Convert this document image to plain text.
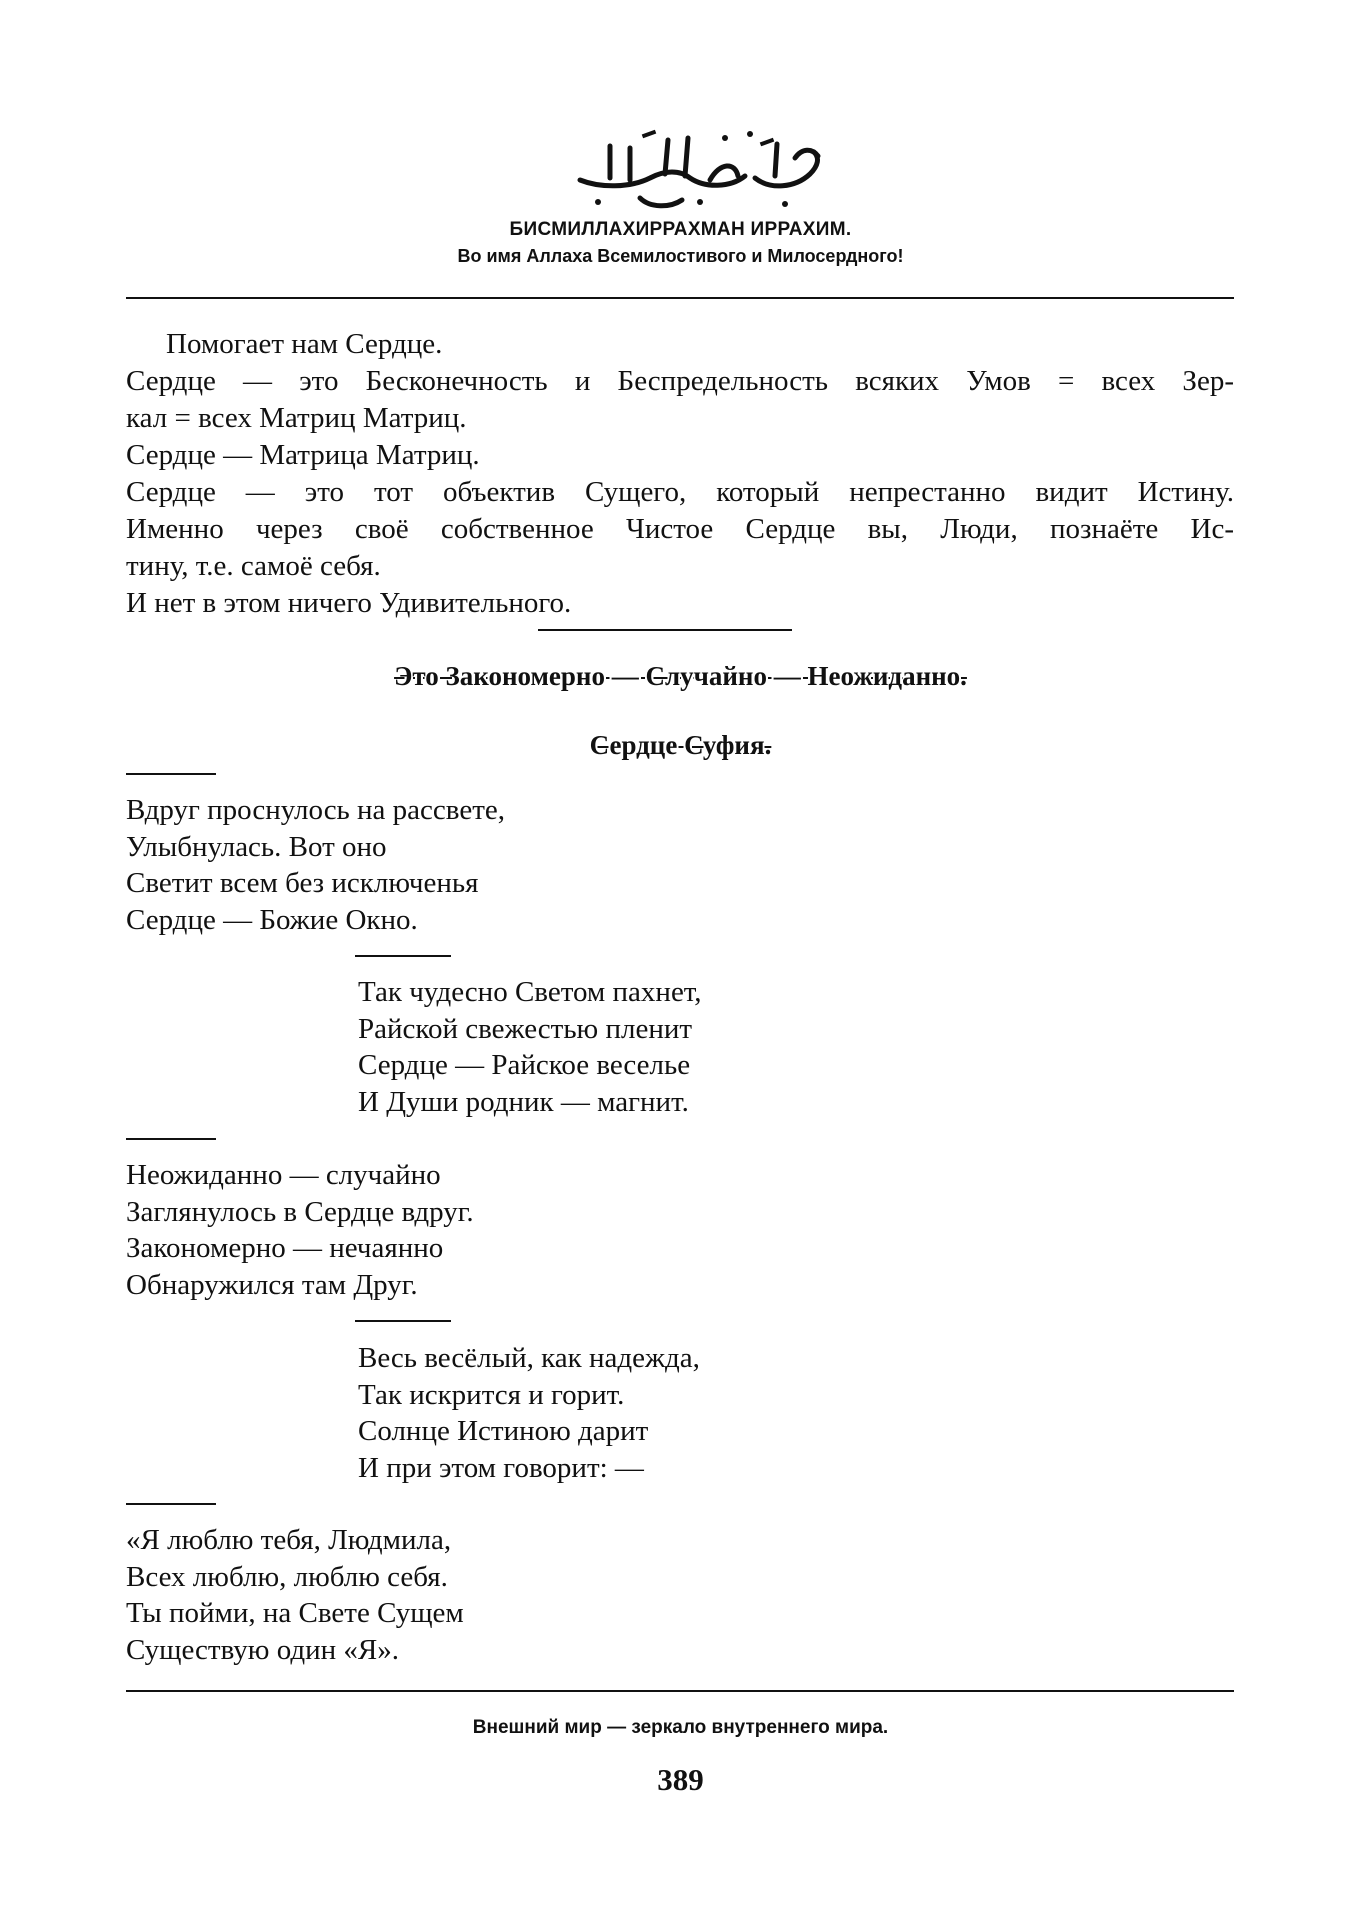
БИСМИЛЛАХИРРАХМАН ИРРАХИМ.
Во имя Аллаха Всемилостивого и Милосердного!
Помогает нам Сердце.
Сердце — это Бесконечность и Беспредельность всяких Умов = всех Зер-
кал = всех Матриц Матриц.
Сердце — Матрица Матриц.
Сердце — это тот объектив Сущего, который непрестанно видит Истину.
Именно через своё собственное Чистое Сердце вы, Люди, познаёте Ис-
тину, т.е. самоё себя.
И нет в этом ничего Удивительного.
Это Закономерно — Случайно — Неожиданно.
Сердце Суфия.
Вдруг проснулось на рассвете,
Улыбнулась. Вот оно
Светит всем без исключенья
Сердце — Божие Окно.
Так чудесно Светом пахнет,
Райской свежестью пленит
Сердце — Райское веселье
И Души родник — магнит.
Неожиданно — случайно
Заглянулось в Сердце вдруг.
Закономерно — нечаянно
Обнаружился там Друг.
Весь весёлый, как надежда,
Так искрится и горит.
Солнце Истиною дарит
И при этом говорит: —
«Я люблю тебя, Людмила,
Всех люблю, люблю себя.
Ты пойми, на Свете Сущем
Существую один «Я».
Внешний мир — зеркало внутреннего мира.
389
